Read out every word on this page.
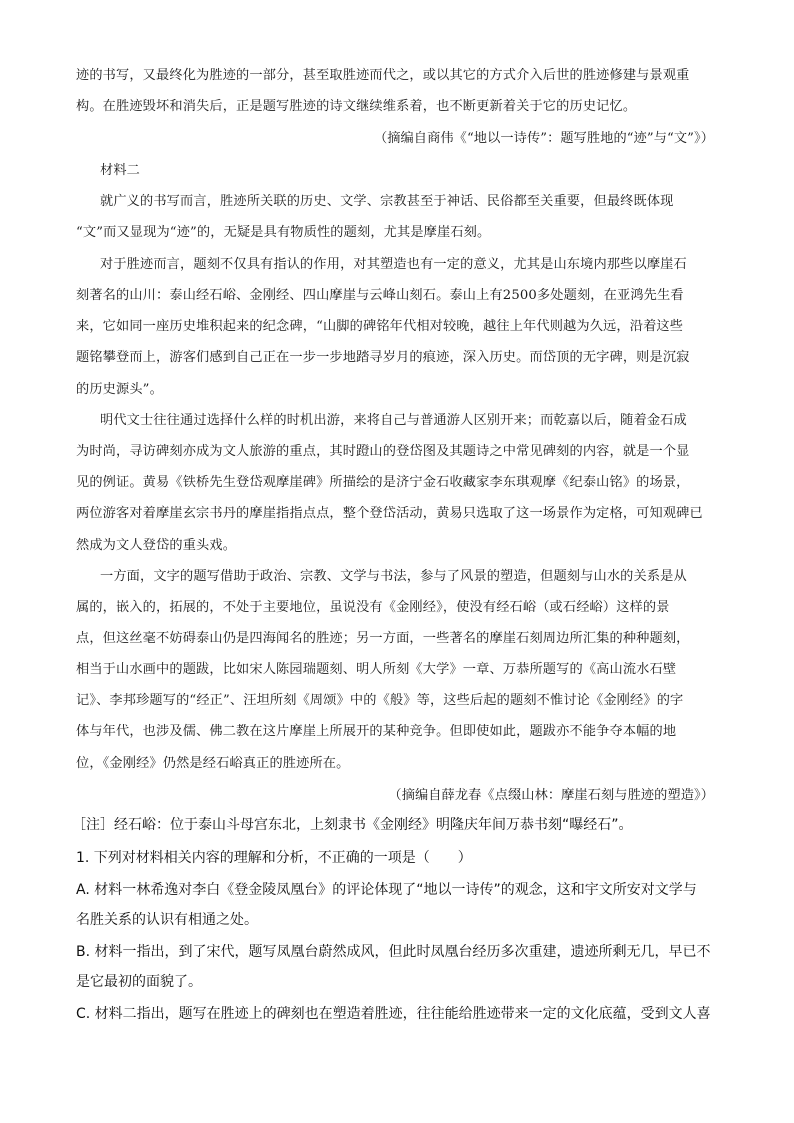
迹的书写，又最终化为胜迹的一部分，甚至取胜迹而代之，或以其它的方式介入后世的胜迹修建与景观重
构。在胜迹毁坏和消失后，正是题写胜迹的诗文继续维系着，也不断更新着关于它的历史记忆。
（摘编自商伟《“地以一诗传”：题写胜地的“迹”与“文”》）
材料二
就广义的书写而言，胜迹所关联的历史、文学、宗教甚至于神话、民俗都至关重要，但最终既体现
“文”而又显现为“迹”的，无疑是具有物质性的题刻，尤其是摩崖石刻。
对于胜迹而言，题刻不仅具有指认的作用，对其塑造也有一定的意义，尤其是山东境内那些以摩崖石
刻著名的山川：泰山经石峪、金刚经、四山摩崖与云峰山刻石。泰山上有2500多处题刻，在亚鸿先生看
来，它如同一座历史堆积起来的纪念碑，“山脚的碑铭年代相对较晚，越往上年代则越为久远，沿着这些
题铭攀登而上，游客们感到自己正在一步一步地踏寻岁月的痕迹，深入历史。而岱顶的无字碑，则是沉寂
的历史源头”。
明代文士往往通过选择什么样的时机出游，来将自己与普通游人区别开来；而乾嘉以后，随着金石成
为时尚，寻访碑刻亦成为文人旅游的重点，其时蹬山的登岱图及其题诗之中常见碑刻的内容，就是一个显
见的例证。黄易《铁桥先生登岱观摩崖碑》所描绘的是济宁金石收藏家李东琪观摩《纪泰山铭》的场景，
两位游客对着摩崖玄宗书丹的摩崖指指点点，整个登岱活动，黄易只选取了这一场景作为定格，可知观碑已
然成为文人登岱的重头戏。
一方面，文字的题写借助于政治、宗教、文学与书法，参与了风景的塑造，但题刻与山水的关系是从
属的，嵌入的，拓展的，不处于主要地位，虽说没有《金刚经》，使没有经石峪（或石经峪）这样的景
点，但这丝毫不妨碍泰山仍是四海闻名的胜迹；另一方面，一些著名的摩崖石刻周边所汇集的种种题刻，
相当于山水画中的题跋，比如宋人陈园瑞题刻、明人所刻《大学》一章、万恭所题写的《高山流水石壁
记》、李邦珍题写的“经正”、汪坦所刻《周颂》中的《般》等，这些后起的题刻不惟讨论《金刚经》的字
体与年代，也涉及儒、佛二教在这片摩崖上所展开的某种竞争。但即使如此，题跋亦不能争夺本幅的地
位，《金刚经》仍然是经石峪真正的胜迹所在。
（摘编自薛龙春《点缀山林：摩崖石刻与胜迹的塑造》）
［注］经石峪：位于泰山斗母宫东北，上刻隶书《金刚经》明隆庆年间万恭书刻“曝经石”。
1. 下列对材料相关内容的理解和分析，不正确的一项是（　　）
A. 材料一林希逸对李白《登金陵凤凰台》的评论体现了“地以一诗传”的观念，这和宇文所安对文学与
名胜关系的认识有相通之处。
B. 材料一指出，到了宋代，题写凤凰台蔚然成风，但此时凤凰台经历多次重建，遗迹所剩无几，早已不
是它最初的面貌了。
C. 材料二指出，题写在胜迹上的碑刻也在塑造着胜迹，往往能给胜迹带来一定的文化底蕴，受到文人喜
